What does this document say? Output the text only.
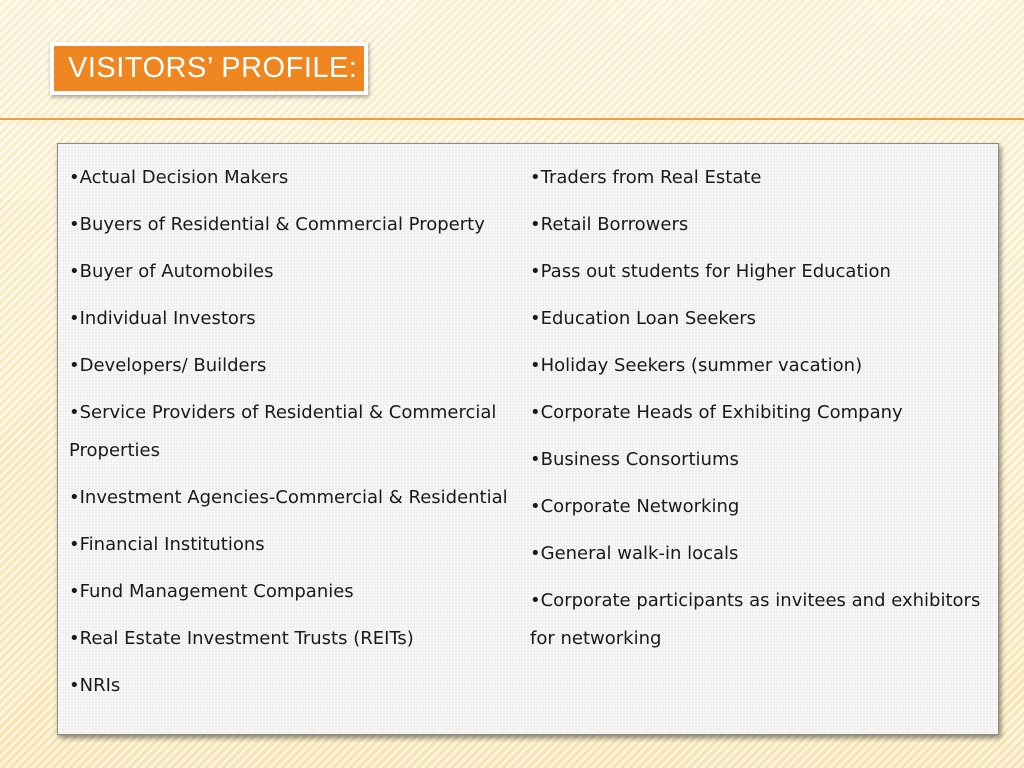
VISITORS’ PROFILE:
•Actual Decision Makers
•Buyers of Residential & Commercial Property
•Buyer of Automobiles
•Individual Investors
•Developers/ Builders
•Service Providers of Residential & Commercial Properties
•Investment Agencies-Commercial & Residential
•Financial Institutions
•Fund Management Companies
•Real Estate Investment Trusts (REITs)
•NRIs
•Traders from Real Estate
•Retail Borrowers
•Pass out students for Higher Education
•Education Loan Seekers
•Holiday Seekers (summer vacation)
•Corporate Heads of Exhibiting Company
•Business Consortiums
•Corporate Networking
•General walk-in locals
•Corporate participants as invitees and exhibitors for networking
